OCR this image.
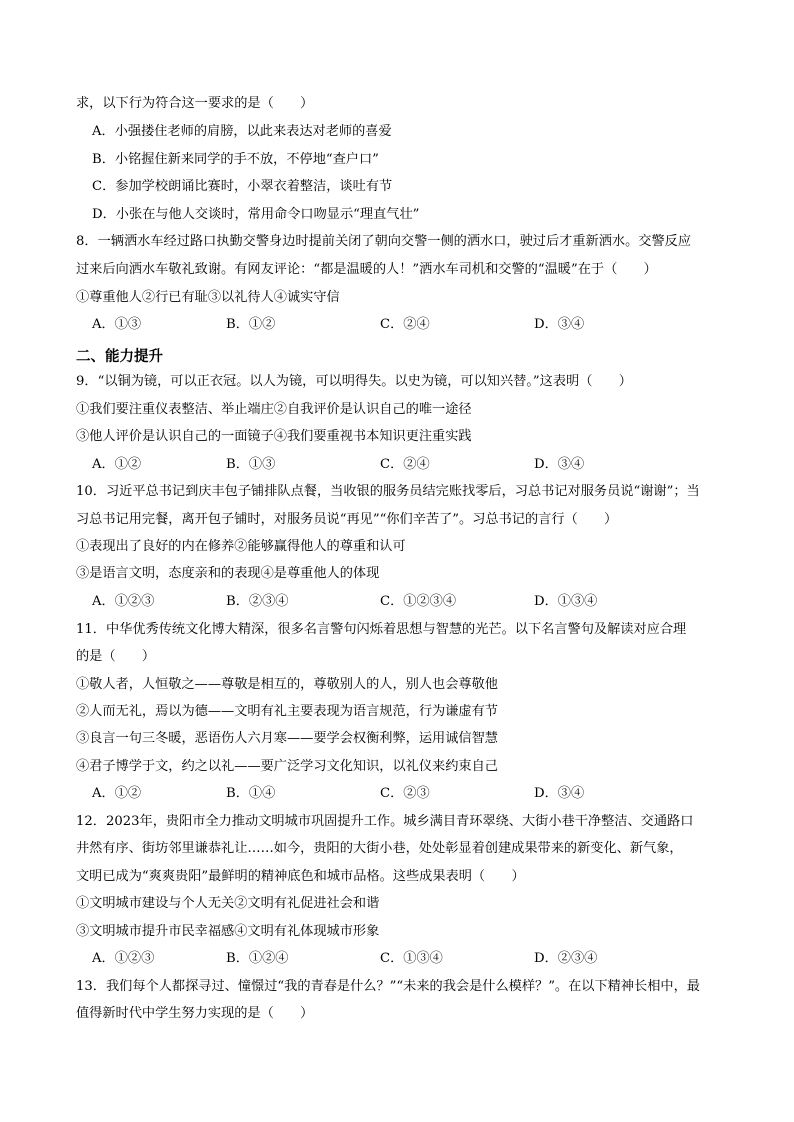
求，以下行为符合这一要求的是（　　）
A．小强搂住老师的肩膀，以此来表达对老师的喜爱
B．小铭握住新来同学的手不放，不停地“查户口”
C．参加学校朗诵比赛时，小翠衣着整洁，谈吐有节
D．小张在与他人交谈时，常用命令口吻显示“理直气壮”
8．一辆洒水车经过路口执勤交警身边时提前关闭了朝向交警一侧的洒水口，驶过后才重新洒水。交警反应
过来后向洒水车敬礼致谢。有网友评论：“都是温暖的人！”洒水车司机和交警的“温暖”在于（　　）
①尊重他人②行已有耻③以礼待人④诚实守信
A．①③	B．①②	C．②④	D．③④
二、能力提升
9．“以铜为镜，可以正衣冠。以人为镜，可以明得失。以史为镜，可以知兴替。”这表明（　　）
①我们要注重仪表整洁、举止端庄②自我评价是认识自己的唯一途径
③他人评价是认识自己的一面镜子④我们要重视书本知识更注重实践
A．①②	B．①③	C．②④	D．③④
10．习近平总书记到庆丰包子铺排队点餐，当收银的服务员结完账找零后，习总书记对服务员说“谢谢”；当
习总书记用完餐，离开包子铺时，对服务员说“再见”“你们辛苦了”。习总书记的言行（　　）
①表现出了良好的内在修养②能够赢得他人的尊重和认可
③是语言文明，态度亲和的表现④是尊重他人的体现
A．①②③	B．②③④	C．①②③④	D．①③④
11．中华优秀传统文化博大精深，很多名言警句闪烁着思想与智慧的光芒。以下名言警句及解读对应合理
的是（　　）
①敬人者，人恒敬之——尊敬是相互的，尊敬别人的人，别人也会尊敬他
②人而无礼，焉以为德——文明有礼主要表现为语言规范，行为谦虚有节
③良言一句三冬暖，恶语伤人六月寒——要学会权衡利弊，运用诚信智慧
④君子博学于文，约之以礼——要广泛学习文化知识，以礼仪来约束自己
A．①②	B．①④	C．②③	D．③④
12．2023年，贵阳市全力推动文明城市巩固提升工作。城乡满目青环翠绕、大街小巷干净整洁、交通路口
井然有序、街坊邻里谦恭礼让……如今，贵阳的大街小巷，处处彰显着创建成果带来的新变化、新气象，
文明已成为“爽爽贵阳”最鲜明的精神底色和城市品格。这些成果表明（　　）
①文明城市建设与个人无关②文明有礼促进社会和谐
③文明城市提升市民幸福感④文明有礼体现城市形象
A．①②③	B．①②④	C．①③④	D．②③④
13．我们每个人都探寻过、憧憬过“我的青春是什么？”“未来的我会是什么模样？”。在以下精神长相中，最
值得新时代中学生努力实现的是（　　）
